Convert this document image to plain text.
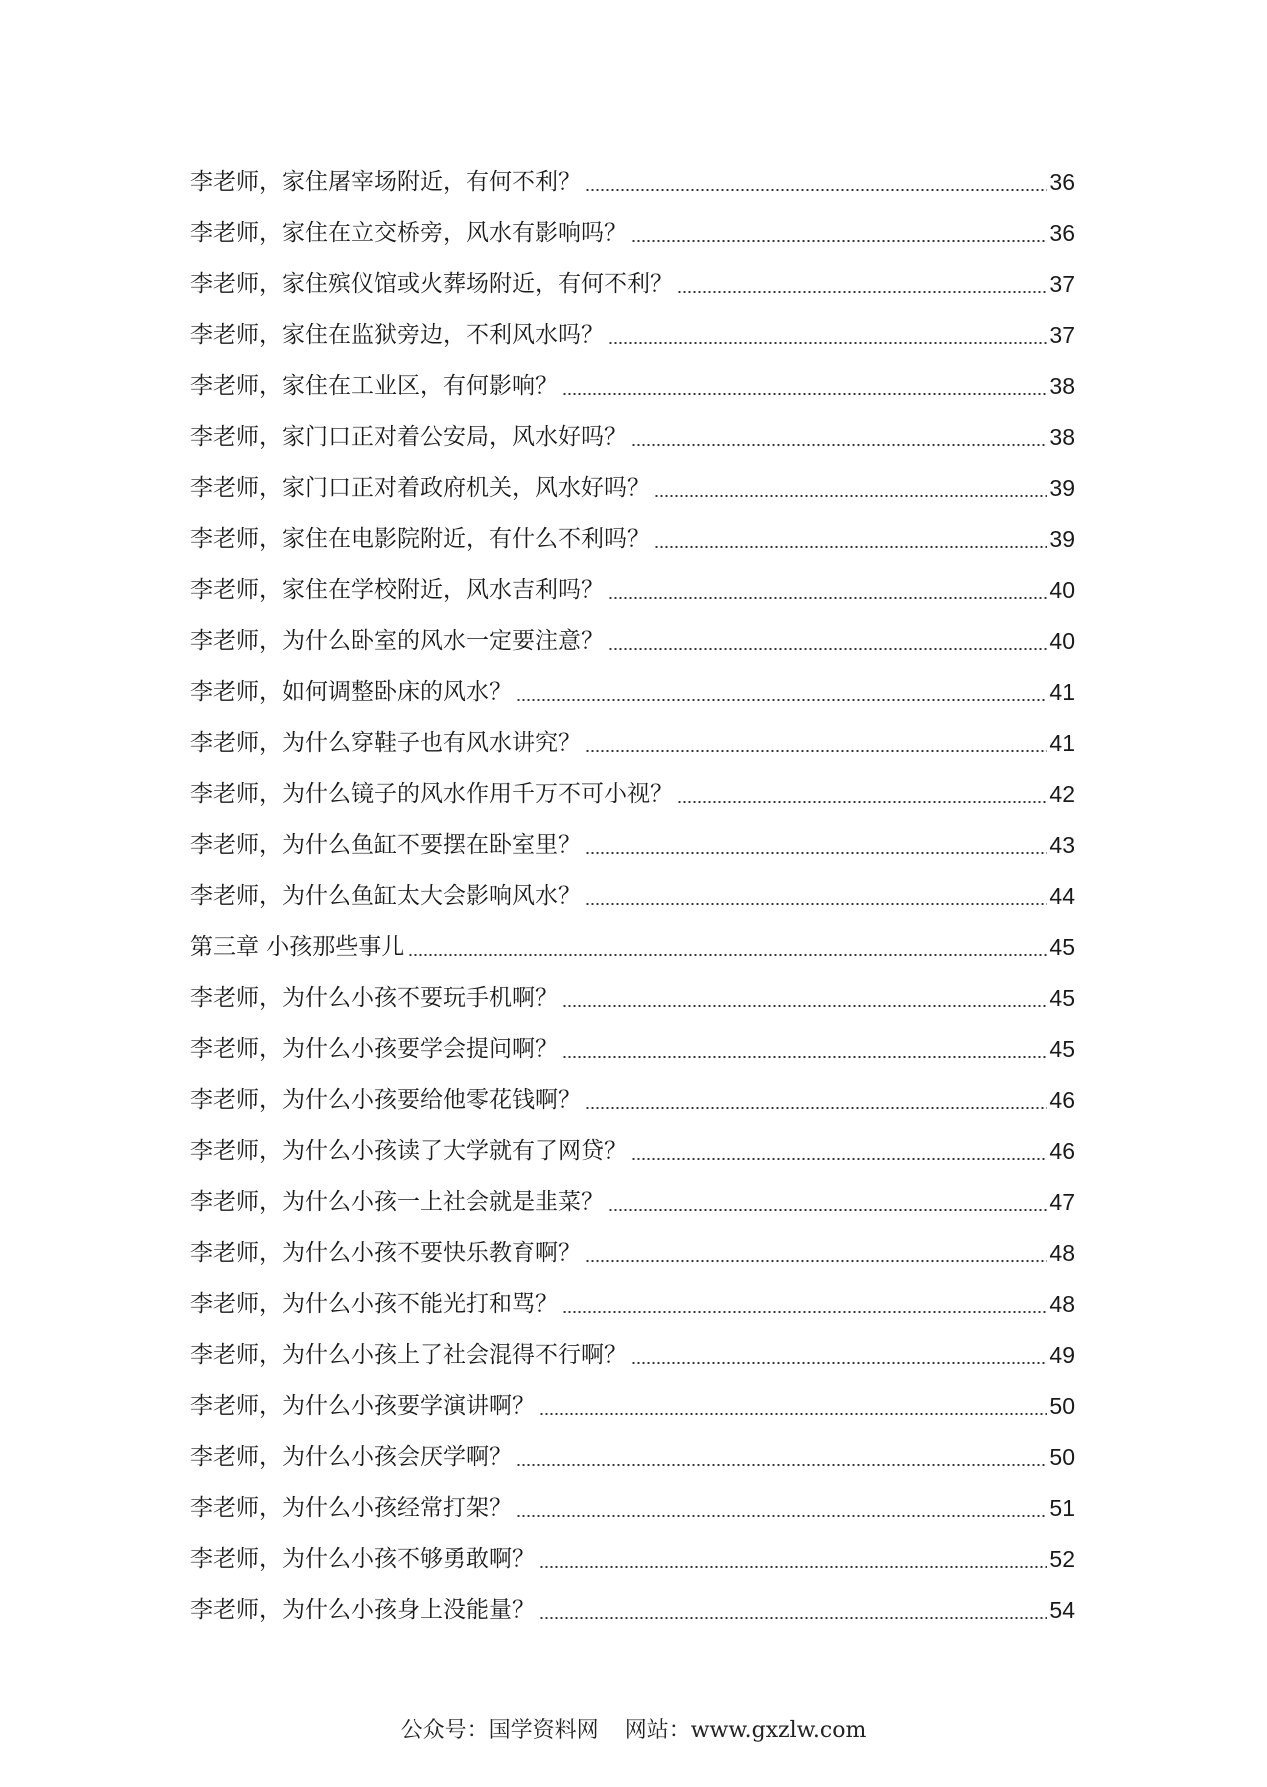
李老师，家住屠宰场附近，有何不利？	36
李老师，家住在立交桥旁，风水有影响吗？	36
李老师，家住殡仪馆或火葬场附近，有何不利？	37
李老师，家住在监狱旁边，不利风水吗？	37
李老师，家住在工业区，有何影响？	38
李老师，家门口正对着公安局，风水好吗？	38
李老师，家门口正对着政府机关，风水好吗？	39
李老师，家住在电影院附近，有什么不利吗？	39
李老师，家住在学校附近，风水吉利吗？	40
李老师，为什么卧室的风水一定要注意？	40
李老师，如何调整卧床的风水？	41
李老师，为什么穿鞋子也有风水讲究？	41
李老师，为什么镜子的风水作用千万不可小视？	42
李老师，为什么鱼缸不要摆在卧室里？	43
李老师，为什么鱼缸太大会影响风水？	44
第三章 小孩那些事儿	45
李老师，为什么小孩不要玩手机啊？	45
李老师，为什么小孩要学会提问啊？	45
李老师，为什么小孩要给他零花钱啊？	46
李老师，为什么小孩读了大学就有了网贷？	46
李老师，为什么小孩一上社会就是韭菜？	47
李老师，为什么小孩不要快乐教育啊？	48
李老师，为什么小孩不能光打和骂？	48
李老师，为什么小孩上了社会混得不行啊？	49
李老师，为什么小孩要学演讲啊？	50
李老师，为什么小孩会厌学啊？	50
李老师，为什么小孩经常打架？	51
李老师，为什么小孩不够勇敢啊？	52
李老师，为什么小孩身上没能量？	54
公众号：国学资料网 网站：www.gxzlw.com
